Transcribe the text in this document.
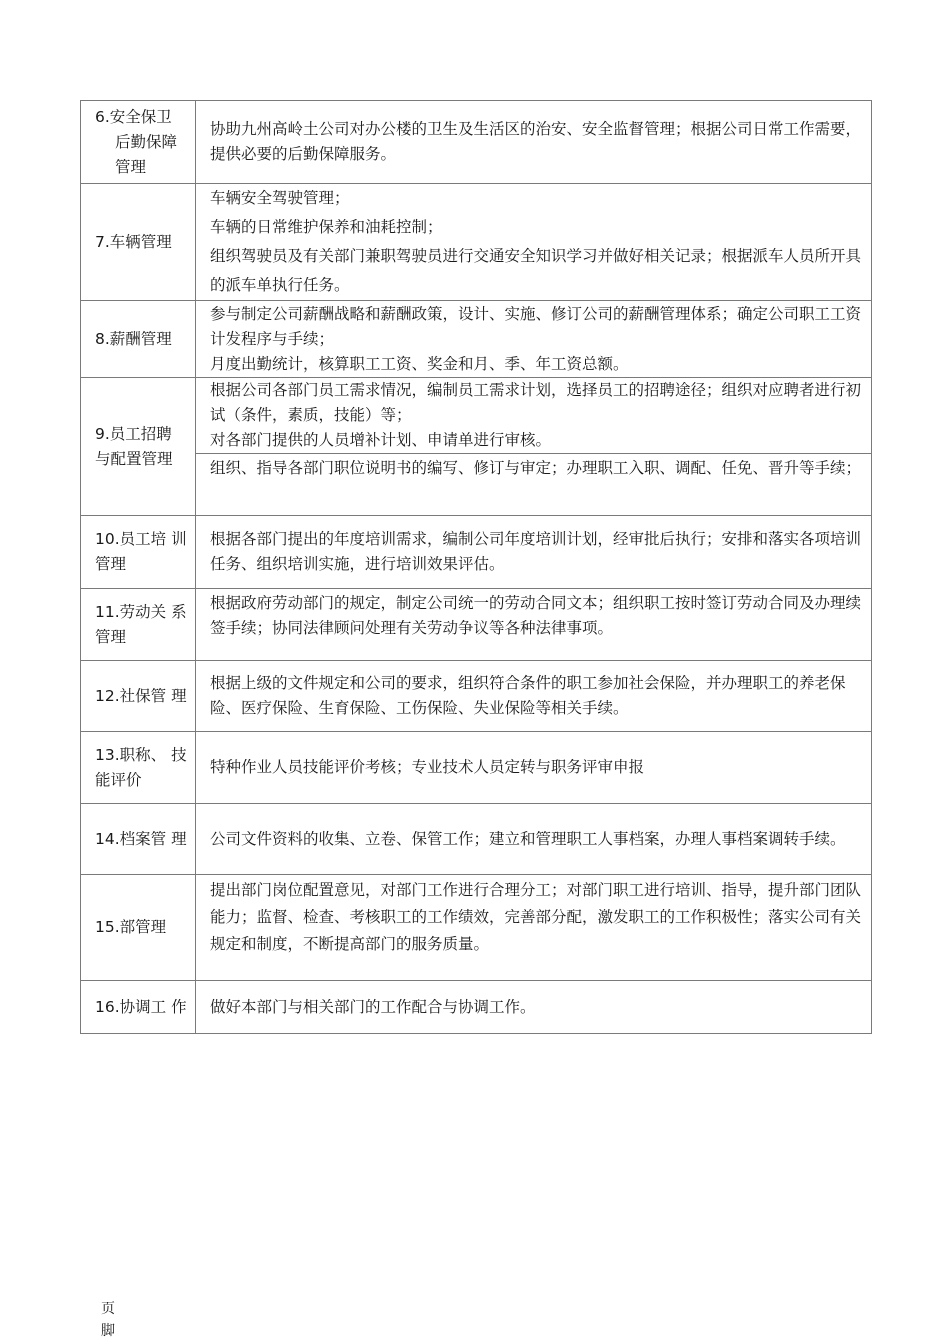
6.安全保卫
后勤保障
管理	协助九州高岭土公司对办公楼的卫生及生活区的治安、安全监督管理；根据公司日常工作需要，提供必要的后勤保障服务。

7.车辆管理	车辆安全驾驶管理；

车辆的日常维护保养和油耗控制；

组织驾驶员及有关部门兼职驾驶员进行交通安全知识学习并做好相关记录；根据派车人员所开具的派车单执行任务。

8.薪酬管理	参与制定公司薪酬战略和薪酬政策，设计、实施、修订公司的薪酬管理体系；确定公司职工工资计发程序与手续；

月度出勤统计，核算职工工资、奖金和月、季、年工资总额。

9.员工招聘 与配置管理	根据公司各部门员工需求情况，编制员工需求计划，选择员工的招聘途径；组织对应聘者进行初试（条件，素质，技能）等；

对各部门提供的人员增补计划、申请单进行审核。

	组织、指导各部门职位说明书的编写、修订与审定；办理职工入职、调配、任免、晋升等手续；

10.员工培 训管理	根据各部门提出的年度培训需求，编制公司年度培训计划，经审批后执行；安排和落实各项培训任务、组织培训实施，进行培训效果评估。

11.劳动关 系管理	根据政府劳动部门的规定，制定公司统一的劳动合同文本；组织职工按时签订劳动合同及办理续签手续；协同法律顾问处理有关劳动争议等各种法律事项。

12.社保管 理	根据上级的文件规定和公司的要求，组织符合条件的职工参加社会保险，并办理职工的养老保险、医疗保险、生育保险、工伤保险、失业保险等相关手续。

13.职称、 技能评价	特种作业人员技能评价考核；专业技术人员定转与职务评审申报

14.档案管 理	公司文件资料的收集、立卷、保管工作；建立和管理职工人事档案，办理人事档案调转手续。

15.部管理	提出部门岗位配置意见，对部门工作进行合理分工；对部门职工进行培训、指导，提升部门团队能力；监督、检查、考核职工的工作绩效，完善部分配，激发职工的工作积极性；落实公司有关规定和制度，不断提高部门的服务质量。

16.协调工 作	做好本部门与相关部门的工作配合与协调工作。

页
脚
